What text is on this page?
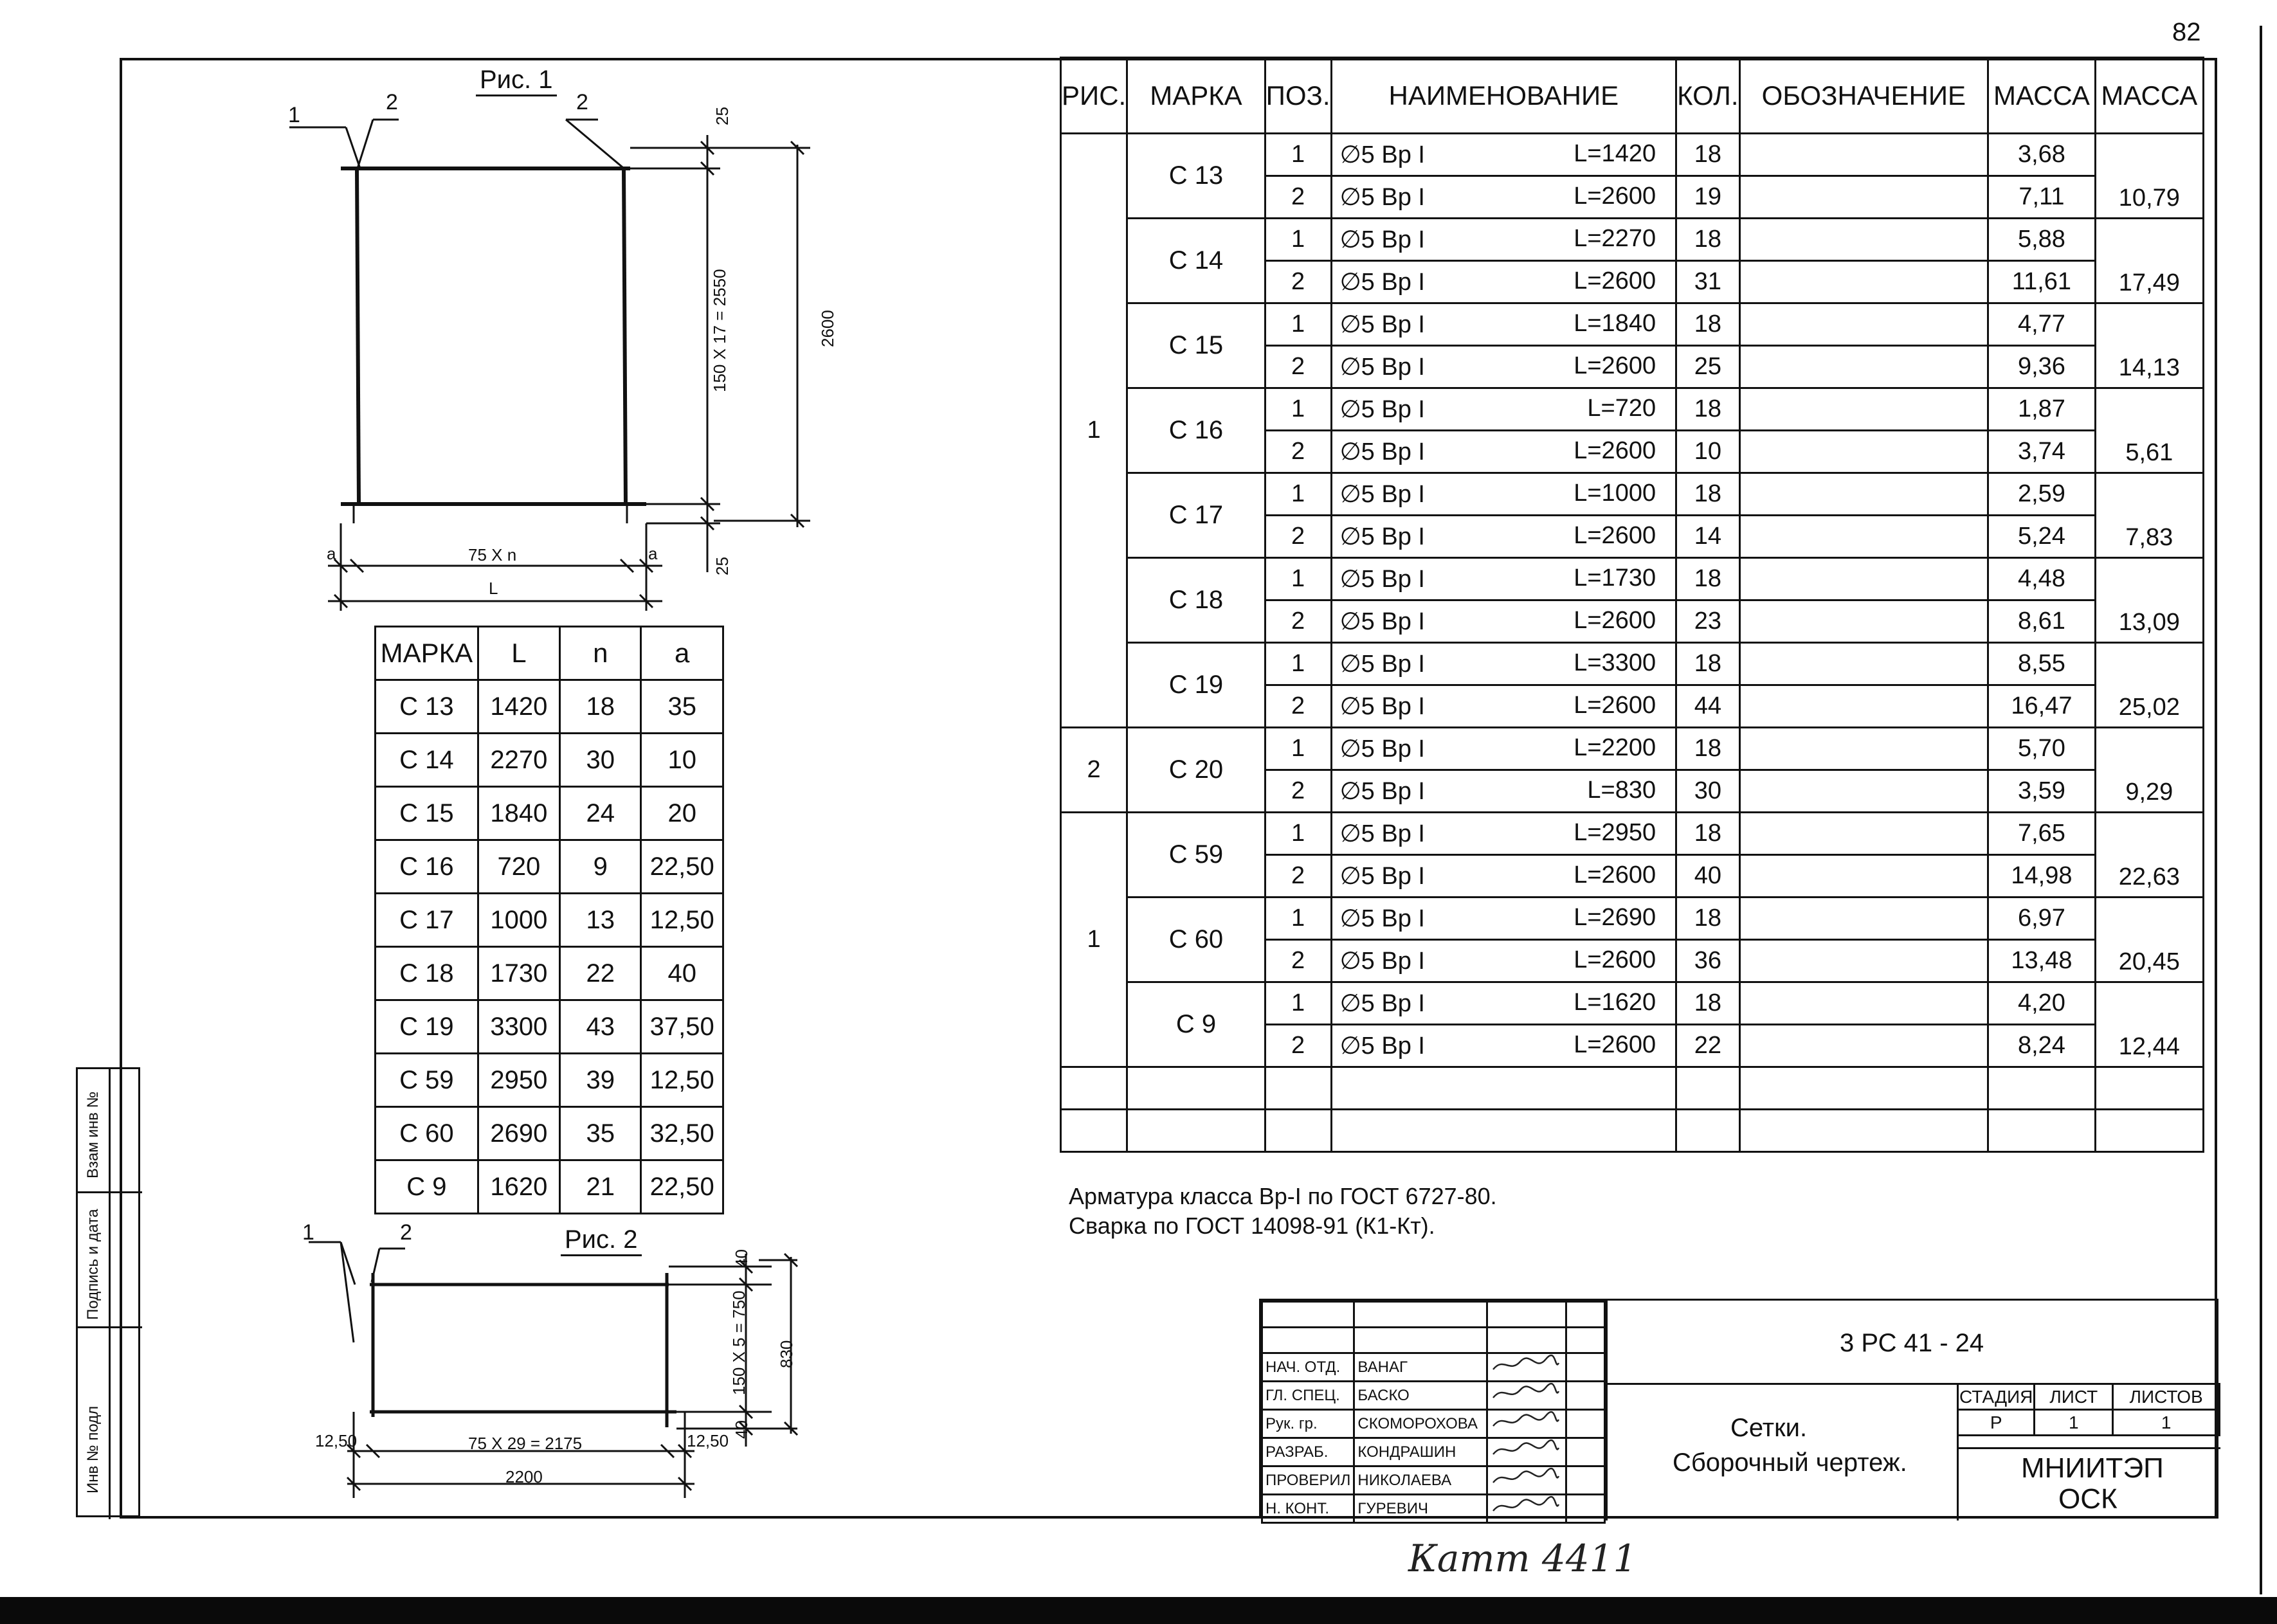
82
Взам инв №
Подпись и дата
Инв № подл
Рис. 1
1
2	2
25
150 X 17 = 2550	2600
25
a	75 X n	a
L
МАРКА	L	n	a
С 13	1420	18	35
С 14	2270	30	10
С 15	1840	24	20
С 16	720	9	22,50
С 17	1000	13	12,50
С 18	1730	22	40
С 19	3300	43	37,50
С 59	2950	39	12,50
С 60	2690	35	32,50
С 9	1620	21	22,50
1	2	Рис. 2
40
150 X 5 = 750 830
40
12,50	75 X 29 = 2175	12,50
2200
РИС.	МАРКА	ПОЗ.	НАИМЕНОВАНИЕ	КОЛ.	ОБОЗНАЧЕНИЕ	МАССА	МАССА
1	С 13	1	∅5 Вр I L=1420	18		3,68	10,79
		2	∅5 Вр I L=2600	19		7,11	
	С 14	1	∅5 Вр I L=2270	18		5,88	17,49
		2	∅5 Вр I L=2600	31		11,61	
	С 15	1	∅5 Вр I L=1840	18		4,77	14,13
		2	∅5 Вр I L=2600	25		9,36	
	С 16	1	∅5 Вр I L=720	18		1,87	5,61
		2	∅5 Вр I L=2600	10		3,74	
	С 17	1	∅5 Вр I L=1000	18		2,59	7,83
		2	∅5 Вр I L=2600	14		5,24	
	С 18	1	∅5 Вр I L=1730	18		4,48	13,09
		2	∅5 Вр I L=2600	23		8,61	
	С 19	1	∅5 Вр I L=3300	18		8,55	25,02
		2	∅5 Вр I L=2600	44		16,47	
2	С 20	1	∅5 Вр I L=2200	18		5,70	9,29
		2	∅5 Вр I L=830	30		3,59	
1	С 59	1	∅5 Вр I L=2950	18		7,65	22,63
		2	∅5 Вр I L=2600	40		14,98	
	С 60	1	∅5 Вр I L=2690	18		6,97	20,45
		2	∅5 Вр I L=2600	36		13,48	
	С 9	1	∅5 Вр I L=1620	18		4,20	12,44
		2	∅5 Вр I L=2600	22		8,24	

Арматура класса Вр-I по ГОСТ 6727-80.
Сварка по ГОСТ 14098-91 (К1-Кт).
3 РС 41 - 24
Сетки.
Сборочный чертеж.
СТАДИЯ	ЛИСТ	ЛИСТОВ
Р	1	1
МНИИТЭП
ОСК

НАЧ. ОТД.	ВАНАГ		
ГЛ. СПЕЦ.	БАСКО		
Рук. гр.	СКОМОРОХОВА		
РАЗРАБ.	КОНДРАШИН		
ПРОВЕРИЛ	НИКОЛАЕВА		
Н. КОНТ.	ГУРЕВИЧ		
Катт 4411
